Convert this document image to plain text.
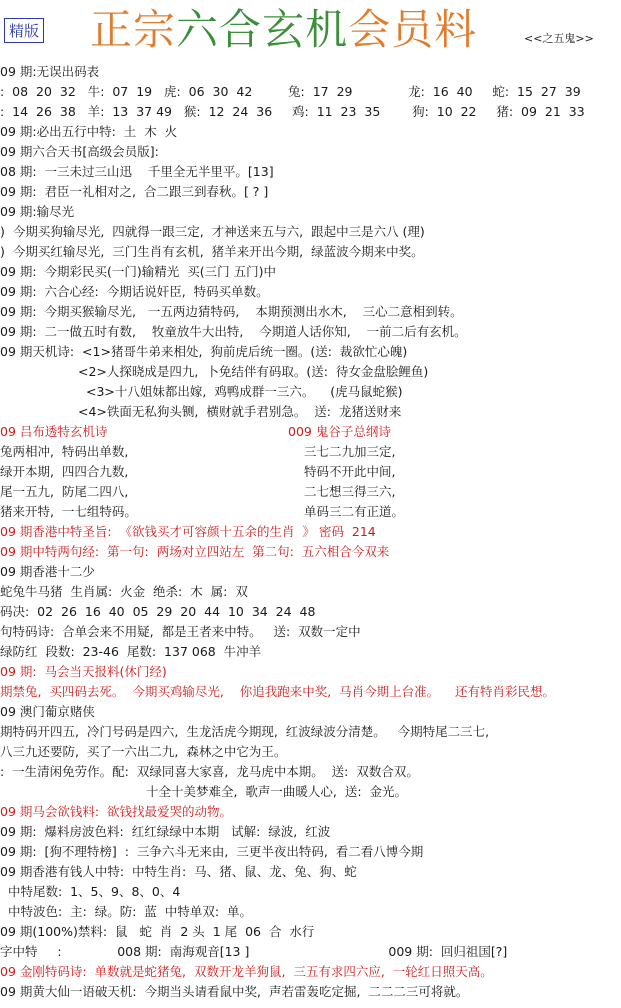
精版 正宗六合玄机会员料	<<之五鬼>>
09 期:无误出码表
:  08  20  32   牛:  07  19   虎:  06  30  42         兔:  17  29              龙:  16  40     蛇:  15  27  39
:  14  26  38   羊:  13  37 49   猴:  12  24  36     鸡:  11  23  35        狗:  10  22     猪:  09  21  33
09 期:必出五行中特:  土  木  火
09 期六合天书[高级会员版]:
08 期:  一三未过三山迅    千里全无半里平。[13]
09 期:  君臣一礼相对之,  合二跟三到春秋。[ ? ]
09 期:输尽光
)  今期买狗输尽光,  四就得一跟三定,  才神送来五与六,  跟起中三是六八 (理)
)  今期买红输尽光,  三门生肖有玄机,  猪羊来开出今期,  绿蓝波今期来中奖。
09 期:  今期彩民买(一门)输精光  买(三门 五门)中
09 期:  六合心经:  今期话说奸臣,  特码买单数。
09 期:  今期买猴输尽光,   一五两边猜特码,    本期预测出水木,    三心二意相到转。
09 期:  二一做五时有数,    牧童放牛大出特,    今期道人话你知,    一前二后有玄机。
09 期天机诗:  <1>猪哥牛弟来相处,  狗前虎后统一圈。(送:  裁欲忙心魄)
<2>人探晓成是四九,  卜免结伴有码取。(送:  待女金盘脍鲤鱼)
<3>十八姐妹都出嫁,  鸡鸭成群一三六。    (虎马鼠蛇猴)
<4>铁面无私狗头铡,  横财就手君别急。  送:  龙猪送财来
09 吕布透特玄机诗	009 鬼谷子总纲诗
兔两相冲,  特码出单数,	三七二九加三定,
绿开本期,  四四合九数,	特码不开此中间,
尾一五九,  防尾二四八,	二七想三得三六,
猪来开特,  一七组特码。	单码三二有正道。
09 期香港中特圣旨:  《欲钱买才可容颜十五余的生肖  》 密码  214
09 期中特两句经:  第一句:  两场对立四站左  第二句:  五六相合今双来
09 期香港十二少
蛇兔牛马猪  生肖属:  火金  绝杀:  木  属:  双
码决:  02  26  16  40  05  29  20  44  10  34  24  48
句特码诗:  合单会来不用疑,  都是王者来中特。   送:  双数一定中
绿防红  段数:  23-46  尾数:  137 068  牛冲羊
09 期:  马会当天报料(休门经)
期禁兔,  买四码去死。  今期买鸡输尽光,    你追我跑来中奖,  马肖今期上台准。    还有特肖彩民想。
09 澳门葡京赌侠
期特码开四五,  冷门号码是四六,  生龙活虎今期现,  红波绿波分清楚。   今期特尾二三七,
八三九还要防,  买了一六出二九,  森林之中它为王。
:  一生清闲免劳作。配:  双绿同喜大家喜,  龙马虎中本期。  送:  双数合双。
十全十美梦难全,  歌声一曲暖人心,  送:  金光。
09 期马会欲钱料:  欲钱找最爱哭的动物。
09 期:  爆料房波色料:  红红绿绿中本期   试解:  绿波,  红波
09 期:  [狗不理特榜]  :  三争六斗无来由,  三更半夜出特码,  看二看八博今期
09 期香港有钱人中特:  中特生肖:  马、猪、鼠、龙、兔、狗、蛇
中特尾数:  1、5、9、8、0、4
中特波色:  主:  绿。防:  蓝  中特单双:  单。
09 期(100%)禁料:  鼠   蛇  肖  2 头  1 尾  06  合  水行
字中特     :              008 期:  南海观音[13 ]                                   009 期:  回归祖国[?]
09 金刚特码诗:  单数就是蛇猪兔,  双数开龙羊狗鼠,  三五有求四六应,  一轮红日照天高。
09 期黄大仙一语破天机:  今期当头请看鼠中奖,  声若雷轰吃定掘,  二二二三可将就。
